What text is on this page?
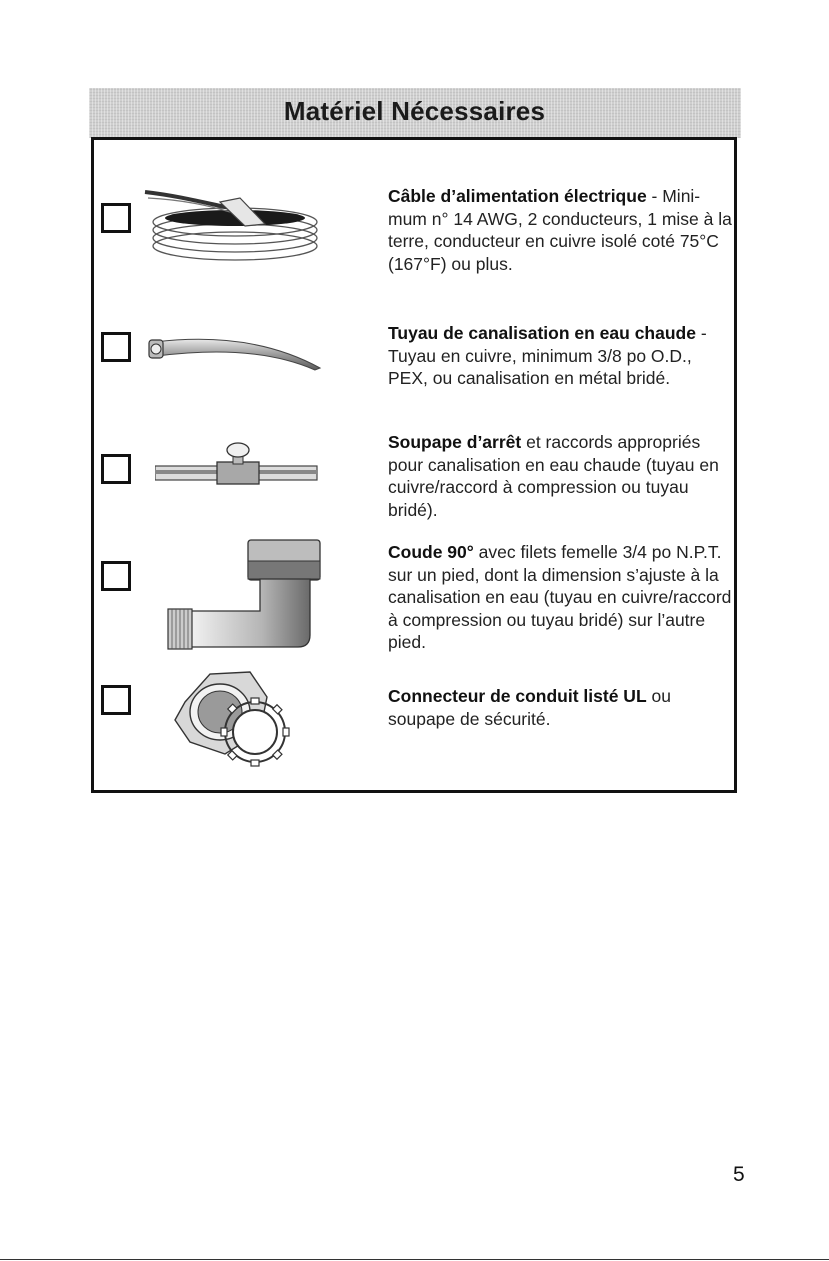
Matériel Nécessaires
Câble d’alimentation électrique - Mini-mum n° 14 AWG, 2 conducteurs, 1 mise à la terre, conducteur en cuivre isolé coté 75°C (167°F) ou plus.
Tuyau de canalisation en eau chaude - Tuyau en cuivre, minimum 3/8 po O.D., PEX, ou canalisation en métal bridé.
Soupape d’arrêt et raccords appropriés pour canalisation en eau chaude (tuyau en cuivre/raccord à compression ou tuyau bridé).
Coude 90° avec filets femelle 3/4 po N.P.T. sur un pied, dont la dimension s’ajuste à la canalisation en eau (tuyau en cuivre/raccord à compression ou tuyau bridé) sur l’autre pied.
Connecteur de conduit listé UL ou soupape de sécurité.
5
